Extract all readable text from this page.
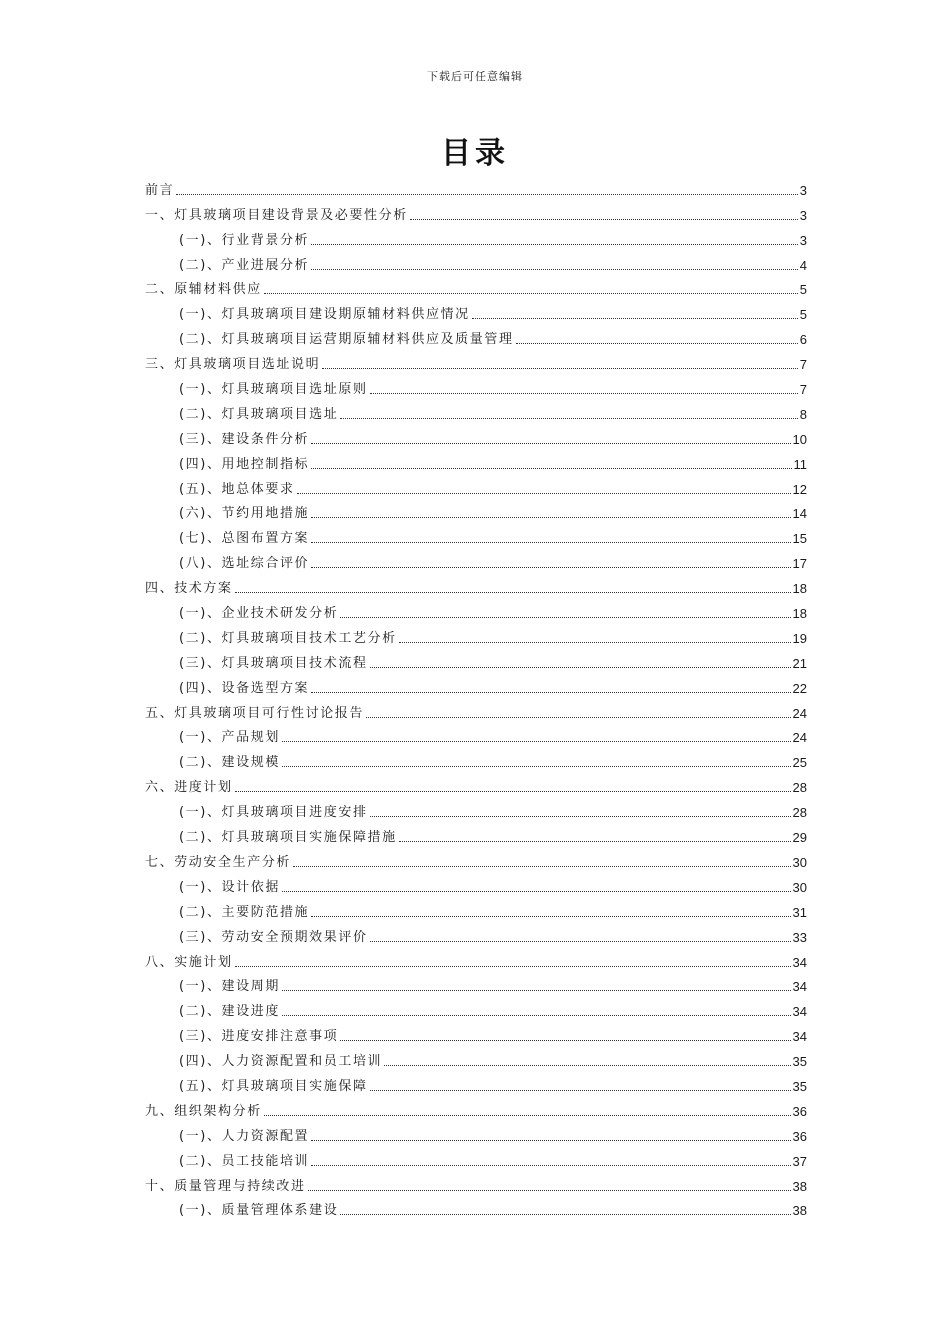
下载后可任意编辑
目录
前言	3
一、灯具玻璃项目建设背景及必要性分析	3
(一)、行业背景分析	3
(二)、产业进展分析	4
二、原辅材料供应	5
(一)、灯具玻璃项目建设期原辅材料供应情况	5
(二)、灯具玻璃项目运营期原辅材料供应及质量管理	6
三、灯具玻璃项目选址说明	7
(一)、灯具玻璃项目选址原则	7
(二)、灯具玻璃项目选址	8
(三)、建设条件分析	10
(四)、用地控制指标	11
(五)、地总体要求	12
(六)、节约用地措施	14
(七)、总图布置方案	15
(八)、选址综合评价	17
四、技术方案	18
(一)、企业技术研发分析	18
(二)、灯具玻璃项目技术工艺分析	19
(三)、灯具玻璃项目技术流程	21
(四)、设备选型方案	22
五、灯具玻璃项目可行性讨论报告	24
(一)、产品规划	24
(二)、建设规模	25
六、进度计划	28
(一)、灯具玻璃项目进度安排	28
(二)、灯具玻璃项目实施保障措施	29
七、劳动安全生产分析	30
(一)、设计依据	30
(二)、主要防范措施	31
(三)、劳动安全预期效果评价	33
八、实施计划	34
(一)、建设周期	34
(二)、建设进度	34
(三)、进度安排注意事项	34
(四)、人力资源配置和员工培训	35
(五)、灯具玻璃项目实施保障	35
九、组织架构分析	36
(一)、人力资源配置	36
(二)、员工技能培训	37
十、质量管理与持续改进	38
(一)、质量管理体系建设	38
